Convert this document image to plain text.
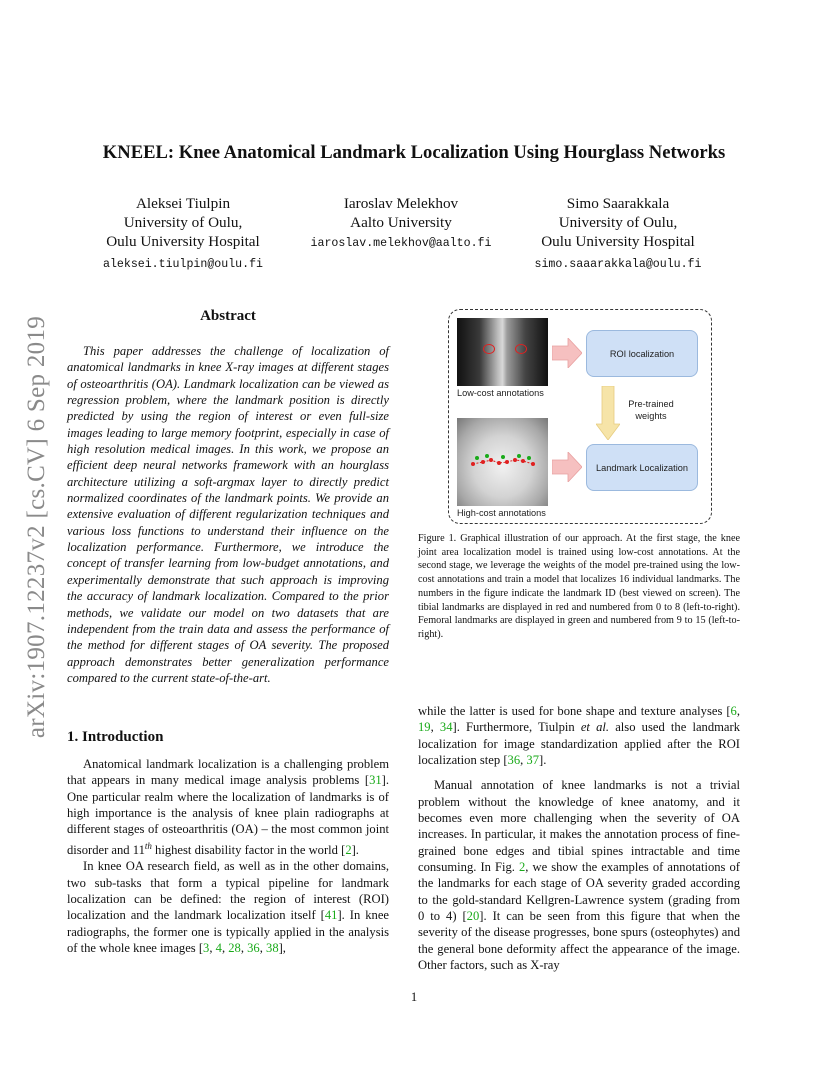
arXiv:1907.12237v2 [cs.CV] 6 Sep 2019
KNEEL: Knee Anatomical Landmark Localization Using Hourglass Networks
Aleksei Tiulpin
University of Oulu,
Oulu University Hospital
aleksei.tiulpin@oulu.fi
Iaroslav Melekhov
Aalto University
iaroslav.melekhov@aalto.fi
Simo Saarakkala
University of Oulu,
Oulu University Hospital
simo.saaarakkala@oulu.fi
Abstract

This paper addresses the challenge of localization of anatomical landmarks in knee X-ray images at different stages of osteoarthritis (OA). Landmark localization can be viewed as regression problem, where the landmark position is directly predicted by using the region of interest or even full-size images leading to large memory footprint, especially in case of high resolution medical images. In this work, we propose an efficient deep neural networks framework with an hourglass architecture utilizing a soft-argmax layer to directly predict normalized coordinates of the landmark points. We provide an extensive evaluation of different regularization techniques and various loss functions to understand their influence on the localization performance. Furthermore, we introduce the concept of transfer learning from low-budget annotations, and experimentally demonstrate that such approach is improving the accuracy of landmark localization. Compared to the prior methods, we validate our model on two datasets that are independent from the train data and assess the performance of the method for different stages of OA severity. The proposed approach demonstrates better generalization performance compared to the current state-of-the-art.

1. Introduction

Anatomical landmark localization is a challenging problem that appears in many medical image analysis problems [31]. One particular realm where the localization of landmarks is of high importance is the analysis of knee plain radiographs at different stages of osteoarthritis (OA) – the most common joint disorder and 11th highest disability factor in the world [2].

In knee OA research field, as well as in the other domains, two sub-tasks that form a typical pipeline for landmark localization can be defined: the region of interest (ROI) localization and the landmark localization itself [41]. In knee radiographs, the former one is typically applied in the analysis of the whole knee images [3, 4, 28, 36, 38],

Low-cost annotations
High-cost annotations
ROI localization
Pre-trained weights
Landmark Localization
Figure 1. Graphical illustration of our approach. At the first stage, the knee joint area localization model is trained using low-cost annotations. At the second stage, we leverage the weights of the model pre-trained using the low-cost annotations and train a model that localizes 16 individual landmarks. The numbers in the figure indicate the landmark ID (best viewed on screen). The tibial landmarks are displayed in red and numbered from 0 to 8 (left-to-right). Femoral landmarks are displayed in green and numbered from 9 to 15 (left-to-right).

while the latter is used for bone shape and texture analyses [6, 19, 34]. Furthermore, Tiulpin et al. also used the landmark localization for image standardization applied after the ROI localization step [36, 37].

Manual annotation of knee landmarks is not a trivial problem without the knowledge of knee anatomy, and it becomes even more challenging when the severity of OA increases. In particular, it makes the annotation process of fine-grained bone edges and tibial spines intractable and time consuming. In Fig. 2, we show the examples of annotations of the landmarks for each stage of OA severity graded according to the gold-standard Kellgren-Lawrence system (grading from 0 to 4) [20]. It can be seen from this figure that when the severity of the disease progresses, bone spurs (osteophytes) and the general bone deformity affect the appearance of the image. Other factors, such as X-ray

1
